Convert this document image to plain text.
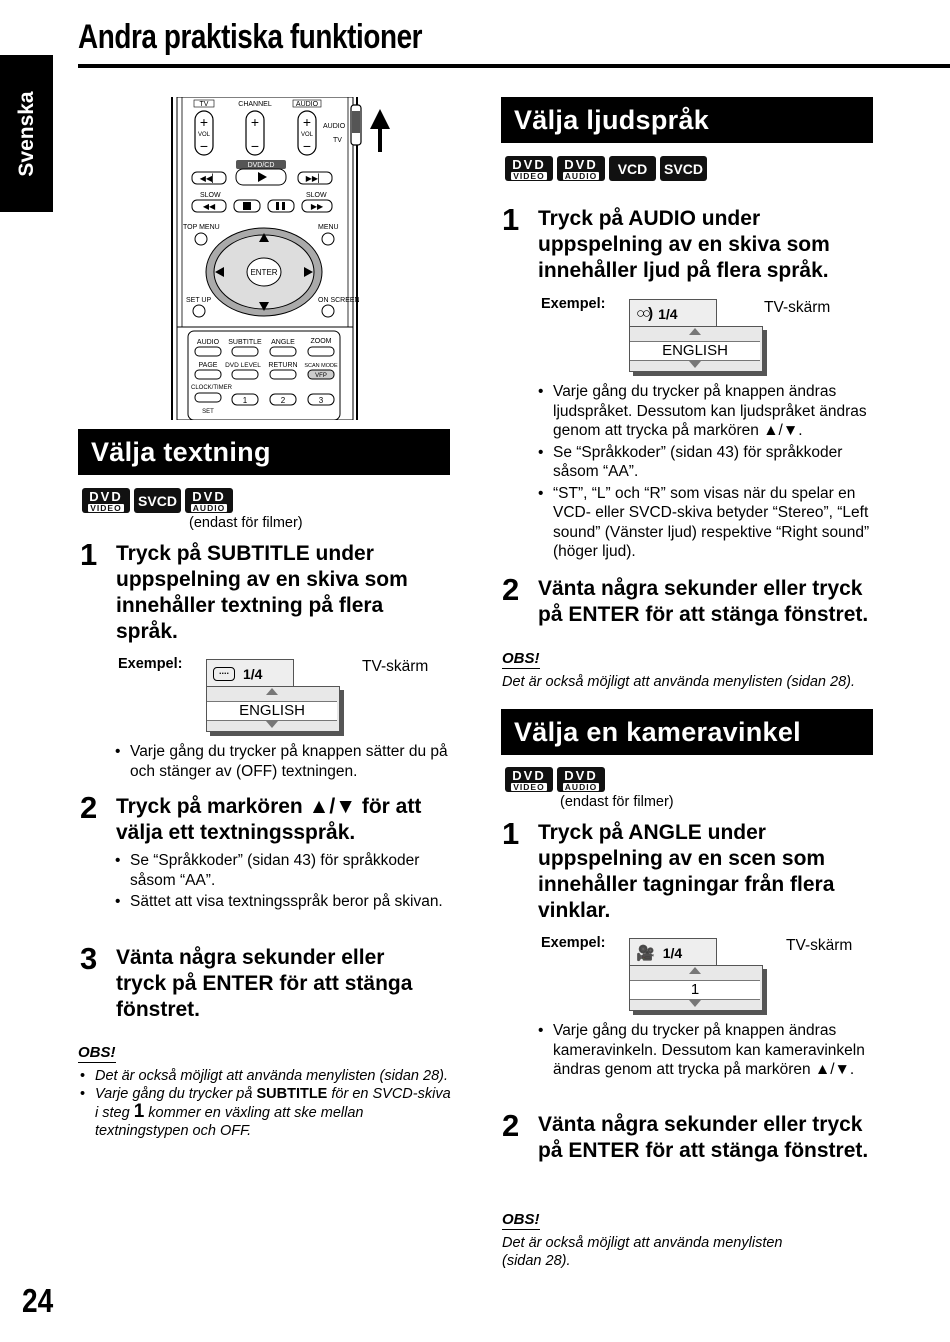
Andra praktiska funktioner
Svenska
24
TV	CHANNEL	AUDIO
+
−
VOL
+
−
+
−
VOL
AUDIO
TV
DVD/CD
◀◀▏	▶▶▏
SLOW	SLOW
◀◀	▶▶
TOP MENU	MENU
ENTER
SET UP	ON SCREEN
AUDIO SUBTITLE ANGLE ZOOM
PAGE DVD LEVEL RETURN SCAN MODE
VFP
CLOCK/TIMER
SET
1	2	3
Välja textning
DVD
VIDEO SVCD	DVD
AUDIO
(endast för filmer)
1 Tryck på SUBTITLE under uppspelning av en skiva som innehåller textning på flera språk.
Exempel:	TV-skärm
....	1/4
ENGLISH
• Varje gång du trycker på knappen sätter du på och stänger av (OFF) textningen.
2 Tryck på markören ▲/▼ för att välja ett textningsspråk.
• Se “Språkkoder” (sidan 43) för språkkoder såsom “AA”.
• Sättet att visa textningsspråk beror på skivan.
3 Vänta några sekunder eller tryck på ENTER för att stänga fönstret.
OBS!
• Det är också möjligt att använda menylisten (sidan 28).
• Varje gång du trycker på SUBTITLE för en SVCD-skiva i steg 1 kommer en växling att ske mellan textningstypen och OFF.
Välja ljudspråk
DVD
VIDEO
DVD
AUDIO	VCD	SVCD
1 Tryck på AUDIO under uppspelning av en skiva som innehåller ljud på flera språk.
Exempel:	TV-skärm
○○) 1/4
ENGLISH
• Varje gång du trycker på knappen ändras ljudspråket. Dessutom kan ljudspråket ändras genom att trycka på markören ▲/▼.
• Se “Språkkoder” (sidan 43) för språkkoder såsom “AA”.
• “ST”, “L” och “R” som visas när du spelar en VCD- eller SVCD-skiva betyder “Stereo”, “Left sound” (Vänster ljud) respektive “Right sound” (höger ljud).
2 Vänta några sekunder eller tryck på ENTER för att stänga fönstret.
OBS!
Det är också möjligt att använda menylisten (sidan 28).
Välja en kameravinkel
DVD
VIDEO
DVD
AUDIO
(endast för filmer)
1 Tryck på ANGLE under uppspelning av en scen som innehåller tagningar från flera vinklar.
Exempel:	TV-skärm
🎥 1/4
1
• Varje gång du trycker på knappen ändras kameravinkeln. Dessutom kan kameravinkeln ändras genom att trycka på markören ▲/▼.
2 Vänta några sekunder eller tryck på ENTER för att stänga fönstret.
OBS!
Det är också möjligt att använda menylisten (sidan 28).
